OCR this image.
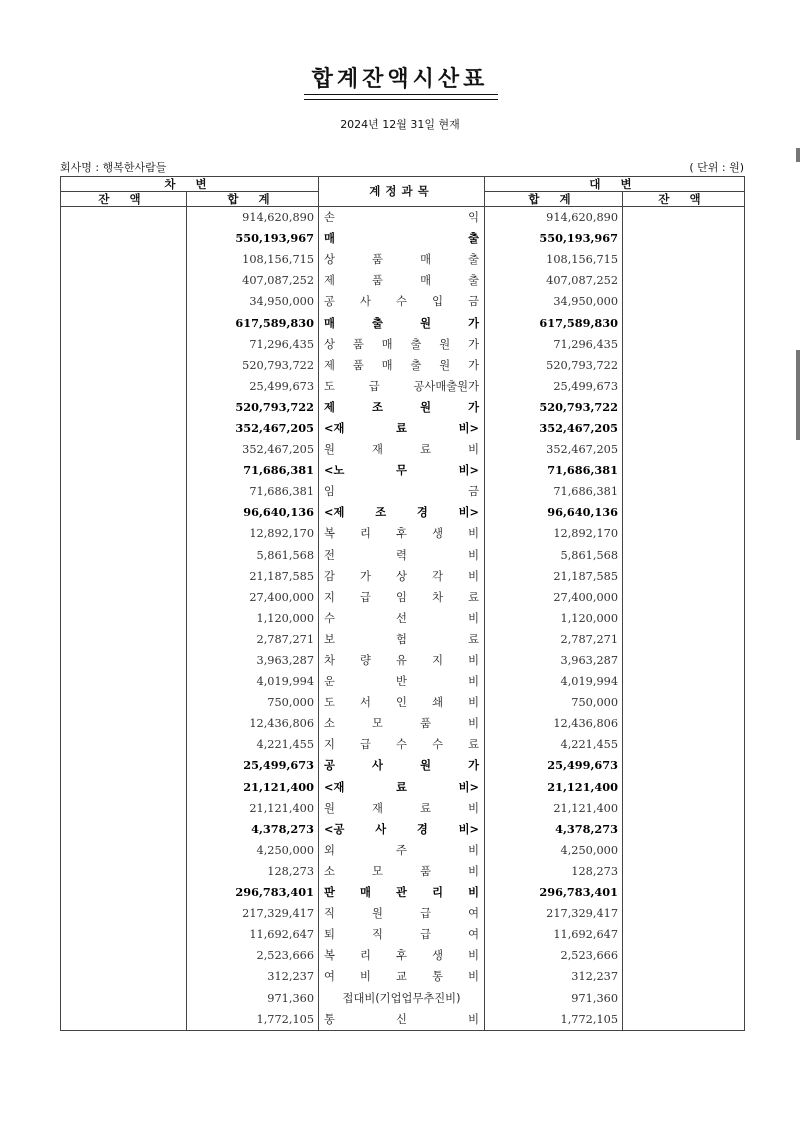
합계잔액시산표
2024년 12월 31일 현재
회사명 : 행복한사람들	( 단위 : 원)
차 변		계정과목	대 변	
잔 액	합 계		합 계	잔 액
	914,620,890	손 익	914,620,890	
	550,193,967	매 출	550,193,967	
	108,156,715	상 품 매 출	108,156,715	
	407,087,252	제 품 매 출	407,087,252	
	34,950,000	공 사 수 입 금	34,950,000	
	617,589,830	매 출 원 가	617,589,830	
	71,296,435	상 품 매 출 원 가	71,296,435	
	520,793,722	제 품 매 출 원 가	520,793,722	
	25,499,673	도 급 공사매출원가	25,499,673	
	520,793,722	제 조 원 가	520,793,722	
	352,467,205	<재 료 비>	352,467,205	
	352,467,205	원 재 료 비	352,467,205	
	71,686,381	<노 무 비>	71,686,381	
	71,686,381	임 금	71,686,381	
	96,640,136	<제 조 경 비>	96,640,136	
	12,892,170	복 리 후 생 비	12,892,170	
	5,861,568	전 력 비	5,861,568	
	21,187,585	감 가 상 각 비	21,187,585	
	27,400,000	지 급 임 차 료	27,400,000	
	1,120,000	수 선 비	1,120,000	
	2,787,271	보 험 료	2,787,271	
	3,963,287	차 량 유 지 비	3,963,287	
	4,019,994	운 반 비	4,019,994	
	750,000	도 서 인 쇄 비	750,000	
	12,436,806	소 모 품 비	12,436,806	
	4,221,455	지 급 수 수 료	4,221,455	
	25,499,673	공 사 원 가	25,499,673	
	21,121,400	<재 료 비>	21,121,400	
	21,121,400	원 재 료 비	21,121,400	
	4,378,273	<공 사 경 비>	4,378,273	
	4,250,000	외 주 비	4,250,000	
	128,273	소 모 품 비	128,273	
	296,783,401	판 매 관 리 비	296,783,401	
	217,329,417	직 원 급 여	217,329,417	
	11,692,647	퇴 직 급 여	11,692,647	
	2,523,666	복 리 후 생 비	2,523,666	
	312,237	여 비 교 통 비	312,237	
	971,360	접대비(기업업무추진비)	971,360	
	1,772,105	통 신 비	1,772,105	
